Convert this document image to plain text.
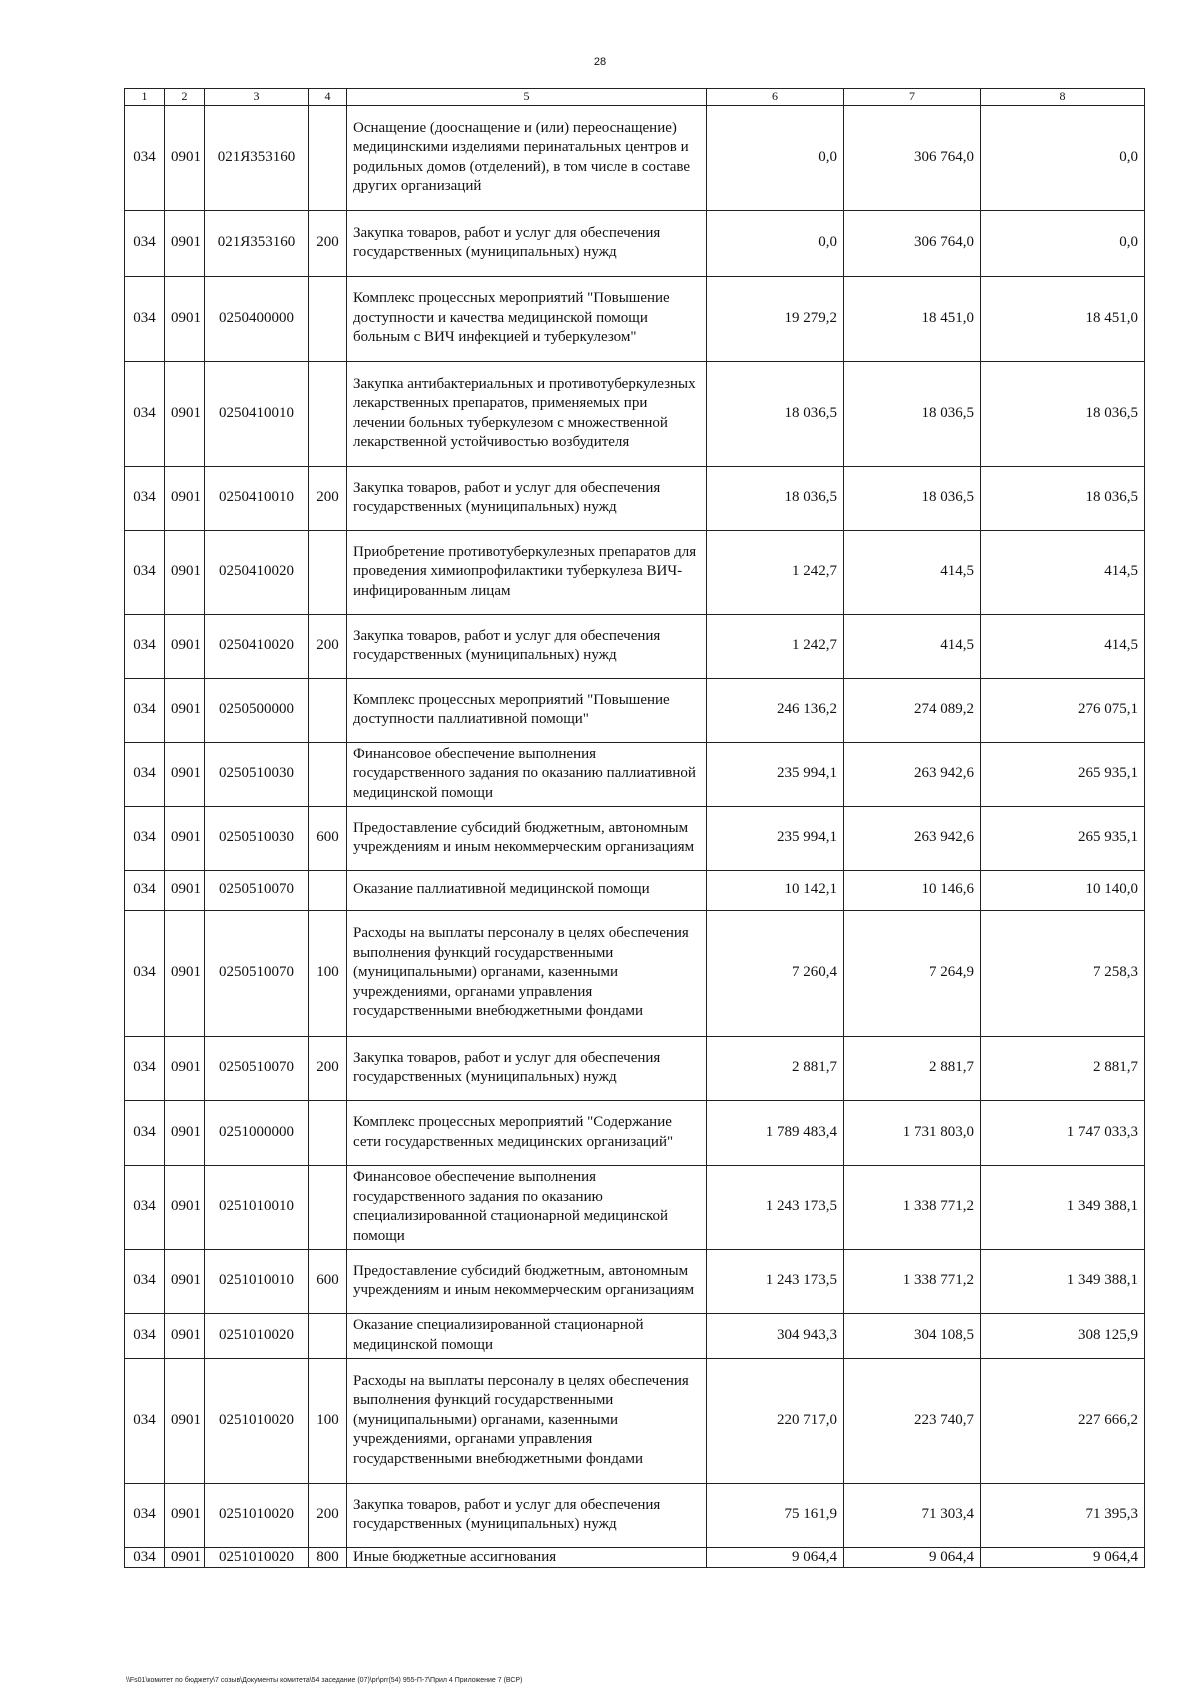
28
1	2	3	4	5	6	7	8
034	0901	021Я353160		Оснащение (дооснащение и (или) переоснащение) медицинскими изделиями перинатальных центров и родильных домов (отделений), в том числе в составе других организаций	0,0	306 764,0	0,0
034	0901	021Я353160	200	Закупка товаров, работ и услуг для обеспечения государственных (муниципальных) нужд	0,0	306 764,0	0,0
034	0901	0250400000		Комплекс процессных мероприятий "Повышение доступности и качества медицинской помощи больным с ВИЧ инфекцией и туберкулезом"	19 279,2	18 451,0	18 451,0
034	0901	0250410010		Закупка антибактериальных и противотуберкулезных лекарственных препаратов, применяемых при лечении больных туберкулезом с множественной лекарственной устойчивостью возбудителя	18 036,5	18 036,5	18 036,5
034	0901	0250410010	200	Закупка товаров, работ и услуг для обеспечения государственных (муниципальных) нужд	18 036,5	18 036,5	18 036,5
034	0901	0250410020		Приобретение противотуберкулезных препаратов для проведения химиопрофилактики туберкулеза ВИЧ-инфицированным лицам	1 242,7	414,5	414,5
034	0901	0250410020	200	Закупка товаров, работ и услуг для обеспечения государственных (муниципальных) нужд	1 242,7	414,5	414,5
034	0901	0250500000		Комплекс процессных мероприятий "Повышение доступности паллиативной помощи"	246 136,2	274 089,2	276 075,1
034	0901	0250510030		Финансовое обеспечение выполнения государственного задания по оказанию паллиативной медицинской помощи	235 994,1	263 942,6	265 935,1
034	0901	0250510030	600	Предоставление субсидий бюджетным, автономным учреждениям и иным некоммерческим организациям	235 994,1	263 942,6	265 935,1
034	0901	0250510070		Оказание паллиативной медицинской помощи	10 142,1	10 146,6	10 140,0
034	0901	0250510070	100	Расходы на выплаты персоналу в целях обеспечения выполнения функций государственными (муниципальными) органами, казенными учреждениями, органами управления государственными внебюджетными фондами	7 260,4	7 264,9	7 258,3
034	0901	0250510070	200	Закупка товаров, работ и услуг для обеспечения государственных (муниципальных) нужд	2 881,7	2 881,7	2 881,7
034	0901	0251000000		Комплекс процессных мероприятий "Содержание сети государственных медицинских организаций"	1 789 483,4	1 731 803,0	1 747 033,3
034	0901	0251010010		Финансовое обеспечение выполнения государственного задания по оказанию специализированной стационарной медицинской помощи	1 243 173,5	1 338 771,2	1 349 388,1
034	0901	0251010010	600	Предоставление субсидий бюджетным, автономным учреждениям и иным некоммерческим организациям	1 243 173,5	1 338 771,2	1 349 388,1
034	0901	0251010020		Оказание специализированной стационарной медицинской помощи	304 943,3	304 108,5	308 125,9
034	0901	0251010020	100	Расходы на выплаты персоналу в целях обеспечения выполнения функций государственными (муниципальными) органами, казенными учреждениями, органами управления государственными внебюджетными фондами	220 717,0	223 740,7	227 666,2
034	0901	0251010020	200	Закупка товаров, работ и услуг для обеспечения государственных (муниципальных) нужд	75 161,9	71 303,4	71 395,3
034	0901	0251010020	800	Иные бюджетные ассигнования	9 064,4	9 064,4	9 064,4
\\Fs01\комитет по бюджету\7 созыв\Документы комитета\54 заседание (07)\pr\prr(54) 955-П-7\Прил 4 Приложение 7 (ВСР)
